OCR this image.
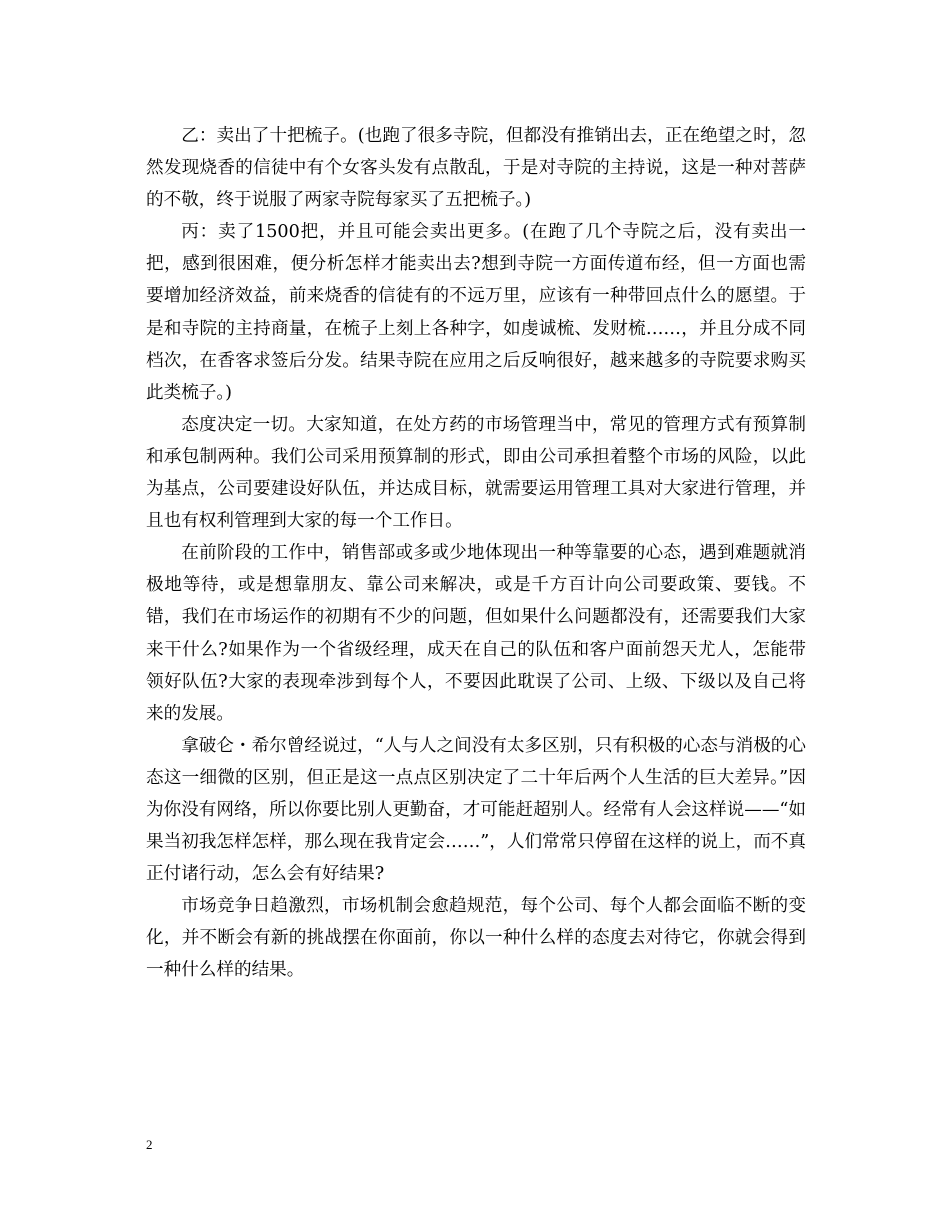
乙：卖出了十把梳子。(也跑了很多寺院，但都没有推销出去，正在绝望之时，忽然发现烧香的信徒中有个女客头发有点散乱，于是对寺院的主持说，这是一种对菩萨的不敬，终于说服了两家寺院每家买了五把梳子。)

丙：卖了1500把，并且可能会卖出更多。(在跑了几个寺院之后，没有卖出一把，感到很困难，便分析怎样才能卖出去?想到寺院一方面传道布经，但一方面也需要增加经济效益，前来烧香的信徒有的不远万里，应该有一种带回点什么的愿望。于是和寺院的主持商量，在梳子上刻上各种字，如虔诚梳、发财梳……，并且分成不同档次，在香客求签后分发。结果寺院在应用之后反响很好，越来越多的寺院要求购买此类梳子。)

态度决定一切。大家知道，在处方药的市场管理当中，常见的管理方式有预算制和承包制两种。我们公司采用预算制的形式，即由公司承担着整个市场的风险，以此为基点，公司要建设好队伍，并达成目标，就需要运用管理工具对大家进行管理，并且也有权利管理到大家的每一个工作日。

在前阶段的工作中，销售部或多或少地体现出一种等靠要的心态，遇到难题就消极地等待，或是想靠朋友、靠公司来解决，或是千方百计向公司要政策、要钱。不错，我们在市场运作的初期有不少的问题，但如果什么问题都没有，还需要我们大家来干什么?如果作为一个省级经理，成天在自己的队伍和客户面前怨天尤人，怎能带领好队伍?大家的表现牵涉到每个人，不要因此耽误了公司、上级、下级以及自己将来的发展。

拿破仑・希尔曾经说过，“人与人之间没有太多区别，只有积极的心态与消极的心态这一细微的区别，但正是这一点点区别决定了二十年后两个人生活的巨大差异。”因为你没有网络，所以你要比别人更勤奋，才可能赶超别人。经常有人会这样说——“如果当初我怎样怎样，那么现在我肯定会……”，人们常常只停留在这样的说上，而不真正付诸行动，怎么会有好结果?

市场竞争日趋激烈，市场机制会愈趋规范，每个公司、每个人都会面临不断的变化，并不断会有新的挑战摆在你面前，你以一种什么样的态度去对待它，你就会得到一种什么样的结果。

2
